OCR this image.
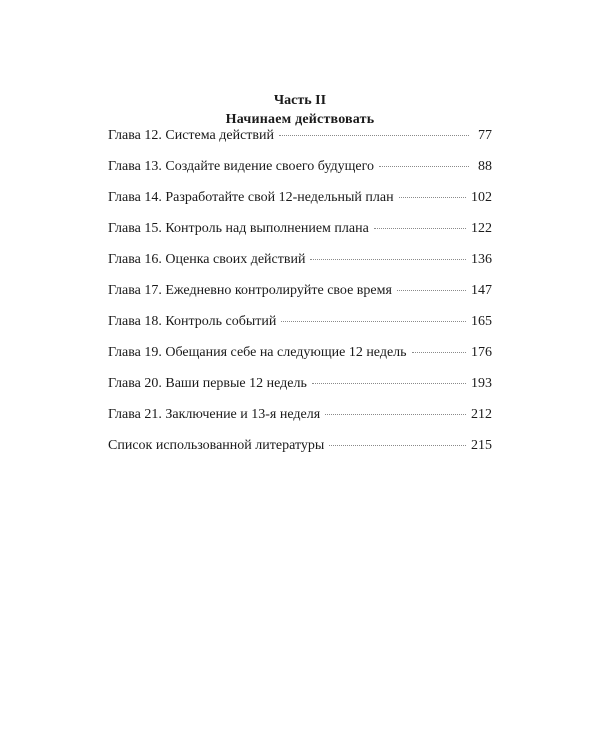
Часть II
Начинаем действовать
Глава 12. Система действий	77
Глава 13. Создайте видение своего будущего	88
Глава 14. Разработайте свой 12-недельный план	102
Глава 15. Контроль над выполнением плана	122
Глава 16. Оценка своих действий	136
Глава 17. Ежедневно контролируйте свое время	147
Глава 18. Контроль событий	165
Глава 19. Обещания себе на следующие 12 недель	176
Глава 20. Ваши первые 12 недель	193
Глава 21. Заключение и 13-я неделя	212
Список использованной литературы	215
